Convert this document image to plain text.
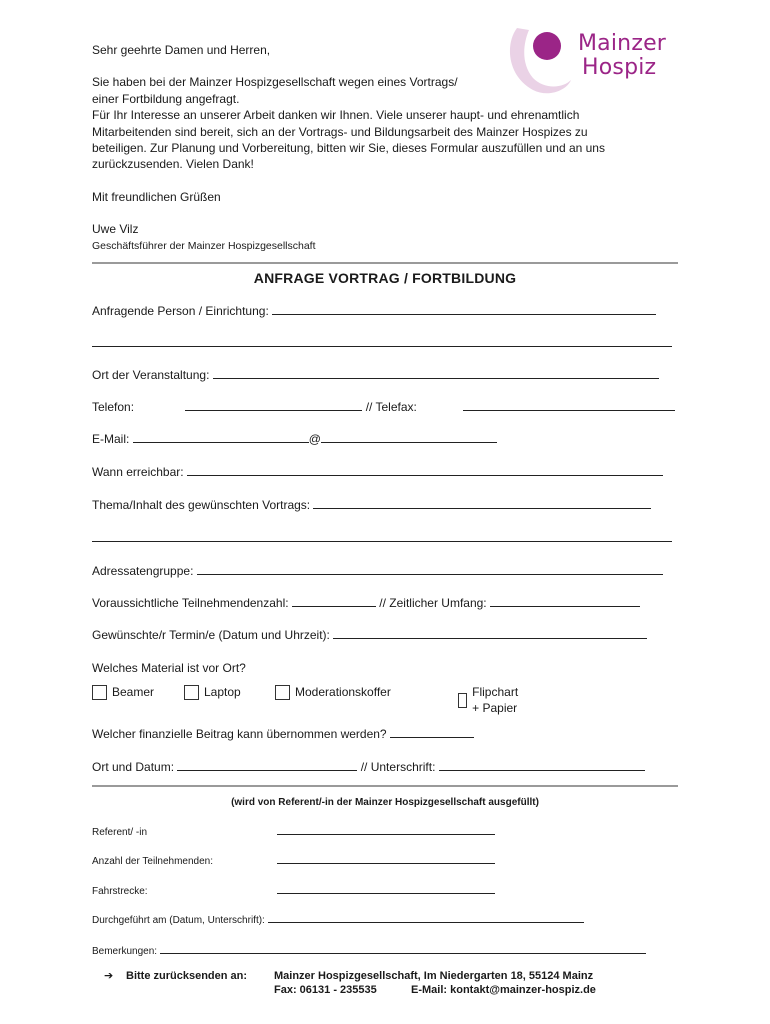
Mainzer
Hospiz

Sehr geehrte Damen und Herren,

Sie haben bei der Mainzer Hospizgesellschaft wegen eines Vortrags/

einer Fortbildung angefragt.

Für Ihr Interesse an unserer Arbeit danken wir Ihnen. Viele unserer haupt- und ehrenamtlich

Mitarbeitenden sind bereit, sich an der Vortrags- und Bildungsarbeit des Mainzer Hospizes zu

beteiligen. Zur Planung und Vorbereitung, bitten wir Sie, dieses Formular auszufüllen und an uns

zurückzusenden. Vielen Dank!

Mit freundlichen Grüßen

Uwe Vilz

Geschäftsführer der Mainzer Hospizgesellschaft

ANFRAGE VORTRAG / FORTBILDUNG
Anfragende Person / Einrichtung:
Ort der Veranstaltung:
Telefon:	// Telefax:
E-Mail:	@
Wann erreichbar:
Thema/Inhalt des gewünschten Vortrags:
Adressatengruppe:
Voraussichtliche Teilnehmendenzahl:	// Zeitlicher Umfang:
Gewünschte/r Termin/e (Datum und Uhrzeit):
Welches Material ist vor Ort?
Beamer	Laptop	Moderationskoffer	Flipchart + Papier
Welcher finanzielle Beitrag kann übernommen werden?
Ort und Datum:	// Unterschrift:
(wird von Referent/-in der Mainzer Hospizgesellschaft ausgefüllt)
Referent/ -in
Anzahl der Teilnehmenden:
Fahrstrecke:
Durchgeführt am (Datum, Unterschrift):
Bemerkungen:
➔ Bitte zurücksenden an: Mainzer Hospizgesellschaft, Im Niedergarten 18, 55124 Mainz
Fax: 06131 - 235535	E-Mail: kontakt@mainzer-hospiz.de
